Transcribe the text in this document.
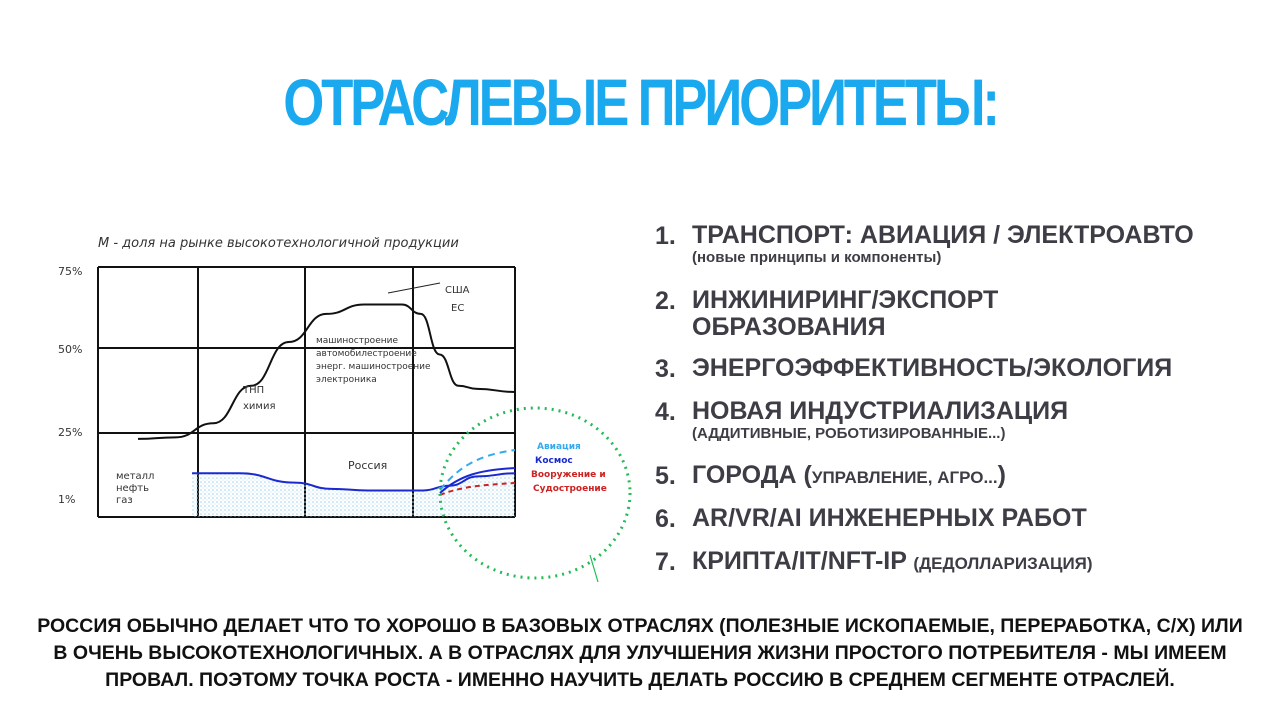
ОТРАСЛЕВЫЕ ПРИОРИТЕТЫ:
М - доля на рынке высокотехнологичной продукции
75%
50%
25%
1%
США
ЕС
Россия
металл нефть газ
ТНП химия
машиностроение автомобилестроение энерг. машиностроение электроника
Авиация
Космос
Вооружение и
Судостроение
1. ТРАНСПОРТ: АВИАЦИЯ / ЭЛЕКТРОАВТО
(новые принципы и компоненты)
2. ИНЖИНИРИНГ/ЭКСПОРТ
ОБРАЗОВАНИЯ
3. ЭНЕРГОЭФФЕКТИВНОСТЬ/ЭКОЛОГИЯ
4. НОВАЯ ИНДУСТРИАЛИЗАЦИЯ
(АДДИТИВНЫЕ, РОБОТИЗИРОВАННЫЕ...)
5. ГОРОДА (УПРАВЛЕНИЕ, АГРО...)
6. AR/VR/AI ИНЖЕНЕРНЫХ РАБОТ
7. КРИПТА/IT/NFT-IP (ДЕДОЛЛАРИЗАЦИЯ)
РОССИЯ ОБЫЧНО ДЕЛАЕТ ЧТО ТО ХОРОШО В БАЗОВЫХ ОТРАСЛЯХ (ПОЛЕЗНЫЕ ИСКОПАЕМЫЕ, ПЕРЕРАБОТКА, С/Х) ИЛИ
В ОЧЕНЬ ВЫСОКОТЕХНОЛОГИЧНЫХ. А В ОТРАСЛЯХ ДЛЯ УЛУЧШЕНИЯ ЖИЗНИ ПРОСТОГО ПОТРЕБИТЕЛЯ - МЫ ИМЕЕМ
ПРОВАЛ. ПОЭТОМУ ТОЧКА РОСТА - ИМЕННО НАУЧИТЬ ДЕЛАТЬ РОССИЮ В СРЕДНЕМ СЕГМЕНТЕ ОТРАСЛЕЙ.
